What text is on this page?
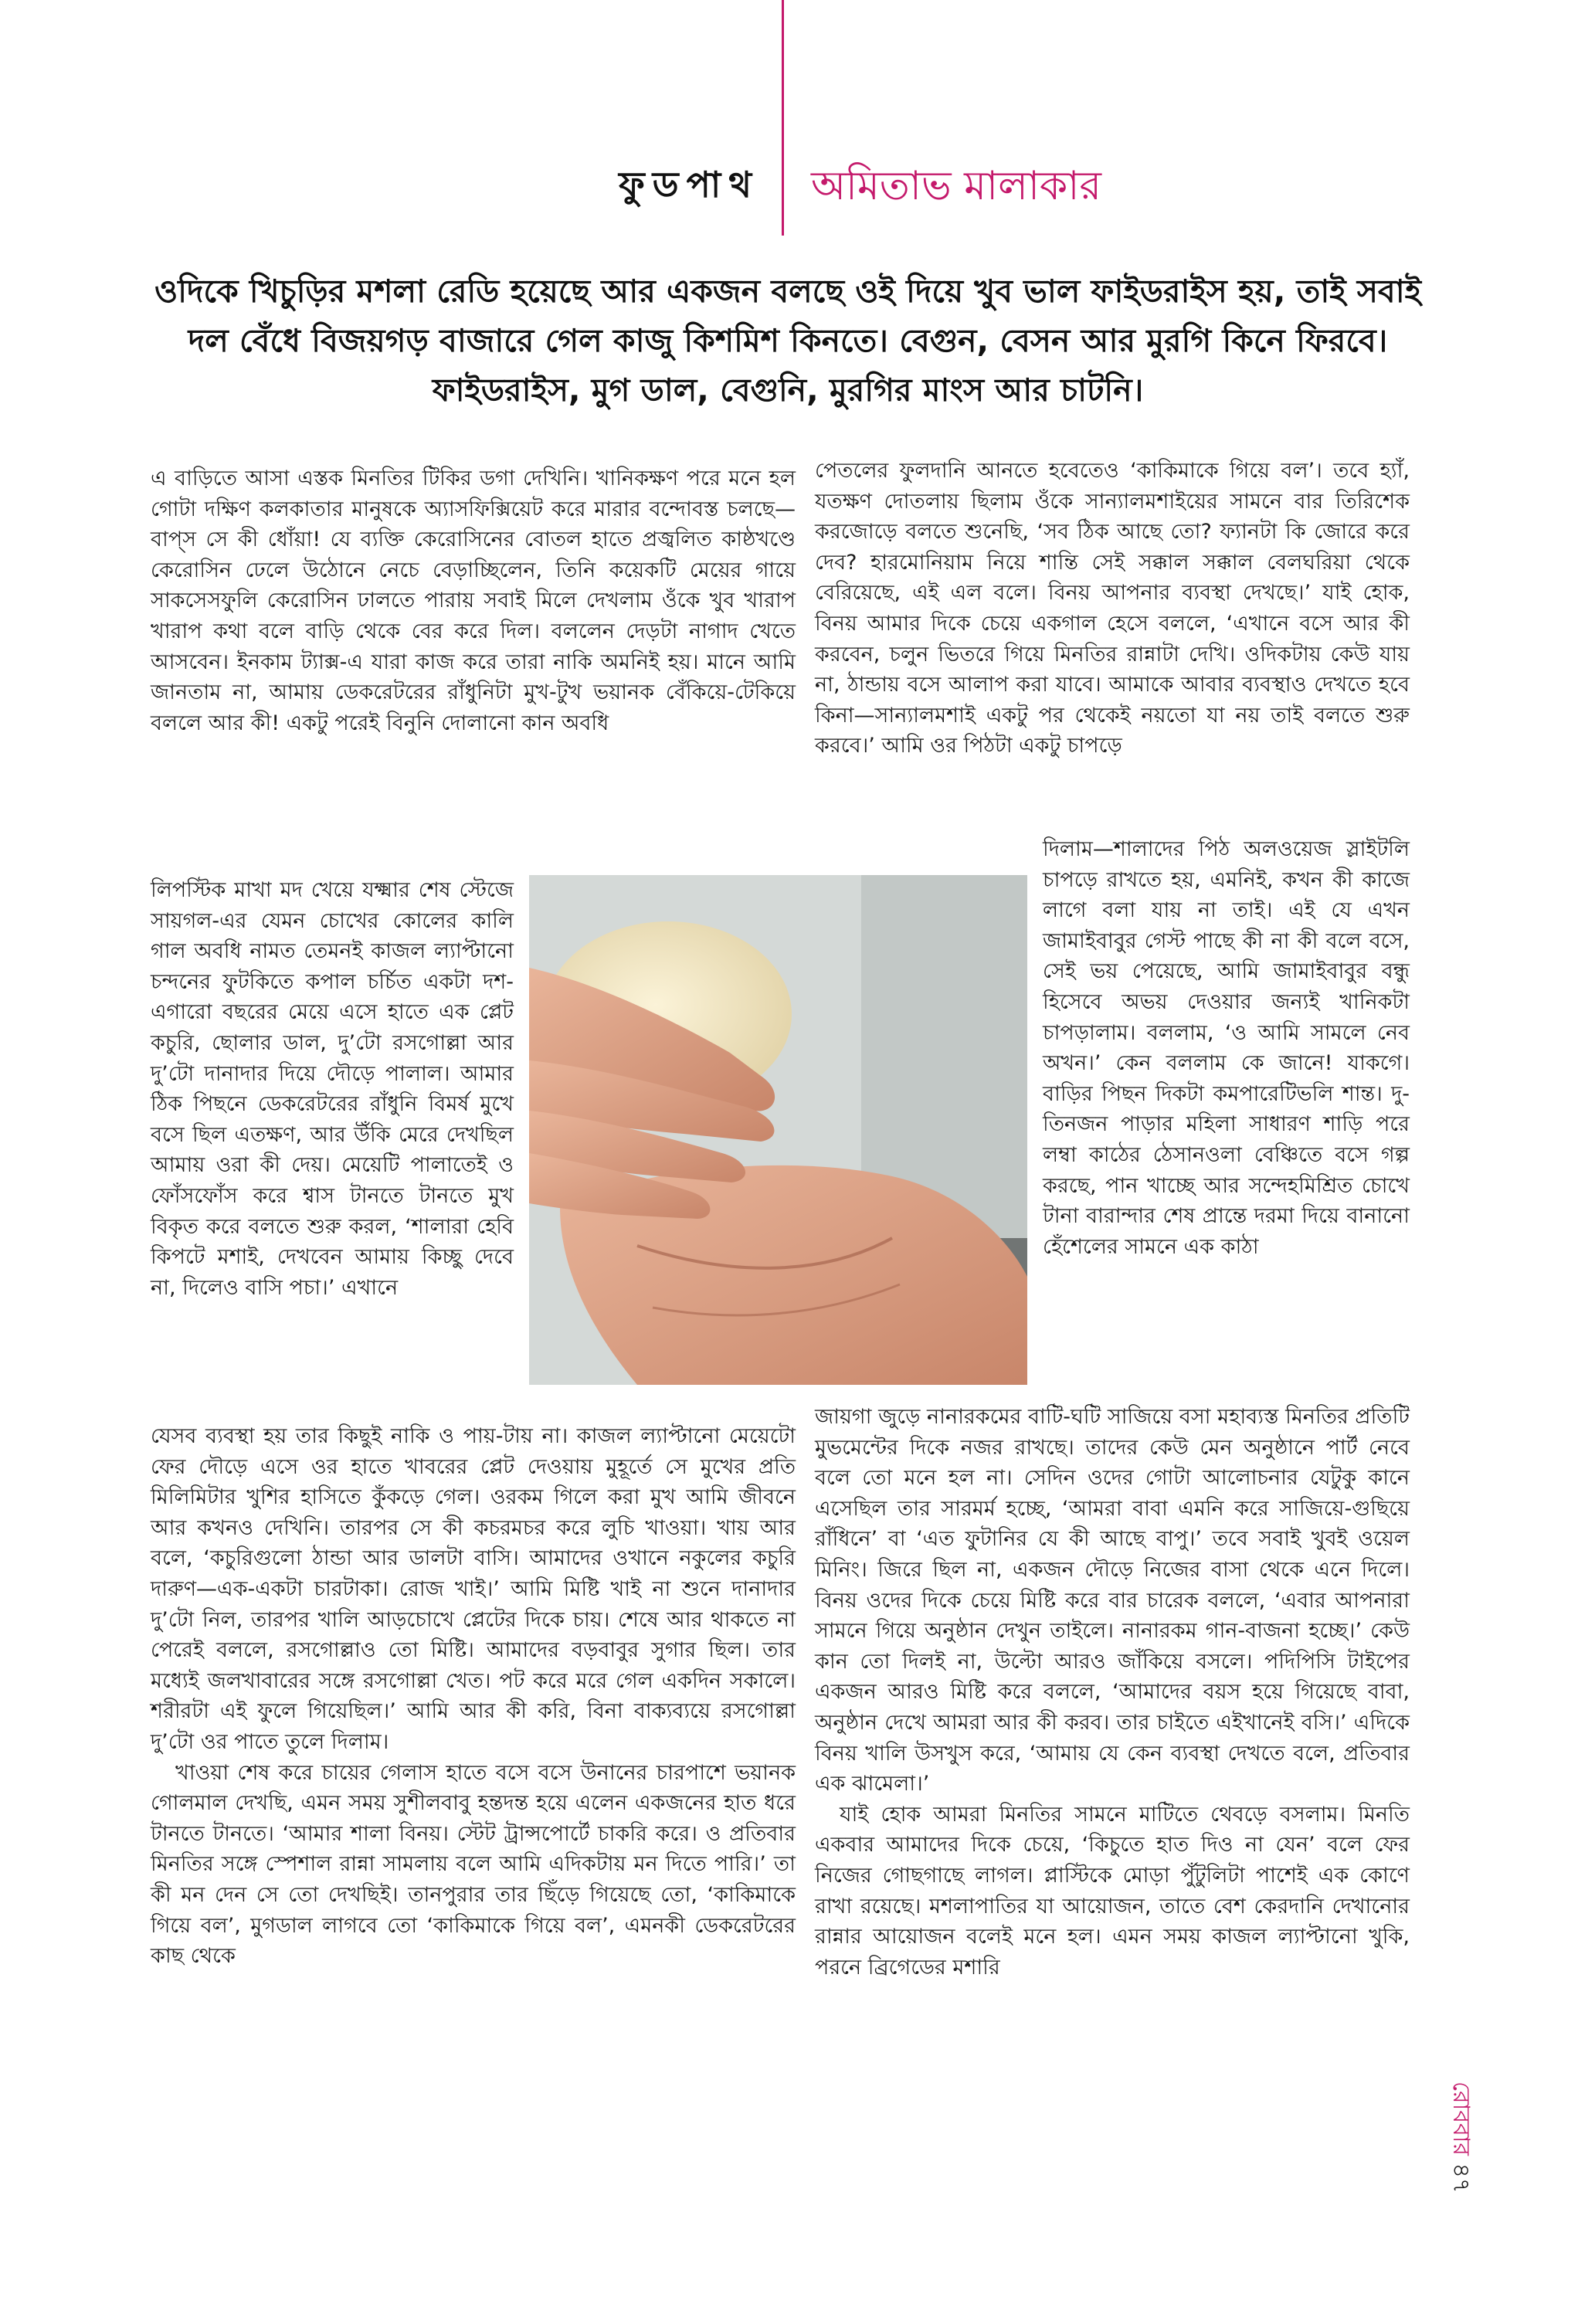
ফুডপাথ অমিতাভ মালাকার
ওদিকে খিচুড়ির মশলা রেডি হয়েছে আর একজন বলছে ওই দিয়ে খুব ভাল ফাইডরাইস হয়, তাই সবাই দল বেঁধে বিজয়গড় বাজারে গেল কাজু কিশমিশ কিনতে। বেগুন, বেসন আর মুরগি কিনে ফিরবে। ফাইডরাইস, মুগ ডাল, বেগুনি, মুরগির মাংস আর চাটনি।

এ বাড়িতে আসা এস্তক মিনতির টিকির ডগা দেখিনি। খানিকক্ষণ পরে মনে হল গোটা দক্ষিণ কলকাতার মানুষকে অ্যাসফিক্সিয়েট করে মারার বন্দোবস্ত চলছে—বাপ্‌স সে কী ধোঁয়া! যে ব্যক্তি কেরোসিনের বোতল হাতে প্রজ্বলিত কাষ্ঠখণ্ডে কেরোসিন ঢেলে উঠোনে নেচে বেড়াচ্ছিলেন, তিনি কয়েকটি মেয়ের গায়ে সাকসেসফুলি কেরোসিন ঢালতে পারায় সবাই মিলে দেখলাম ওঁকে খুব খারাপ খারাপ কথা বলে বাড়ি থেকে বের করে দিল। বললেন দেড়টা নাগাদ খেতে আসবেন। ইনকাম ট্যাক্স-এ যারা কাজ করে তারা নাকি অমনিই হয়। মানে আমি জানতাম না, আমায় ডেকরেটরের রাঁধুনিটা মুখ-টুখ ভয়ানক বেঁকিয়ে-টেকিয়ে বললে আর কী! একটু পরেই বিনুনি দোলানো কান অবধি

লিপস্টিক মাখা মদ খেয়ে যক্ষ্মার শেষ স্টেজে সায়গল-এর যেমন চোখের কোলের কালি গাল অবধি নামত তেমনই কাজল ল্যাপ্টানো চন্দনের ফুটকিতে কপাল চর্চিত একটা দশ-এগারো বছরের মেয়ে এসে হাতে এক প্লেট কচুরি, ছোলার ডাল, দু’টো রসগোল্লা আর দু’টো দানাদার দিয়ে দৌড়ে পালাল। আমার ঠিক পিছনে ডেকরেটরের রাঁধুনি বিমর্ষ মুখে বসে ছিল এতক্ষণ, আর উঁকি মেরে দেখছিল আমায় ওরা কী দেয়। মেয়েটি পালাতেই ও ফোঁসফোঁস করে শ্বাস টানতে টানতে মুখ বিকৃত করে বলতে শুরু করল, ‘শালারা হেবি কিপটে মশাই, দেখবেন আমায় কিচ্ছু দেবে না, দিলেও বাসি পচা।’ এখানে

যেসব ব্যবস্থা হয় তার কিছুই নাকি ও পায়-টায় না। কাজল ল্যাপ্টানো মেয়েটো ফের দৌড়ে এসে ওর হাতে খাবরের প্লেট দেওয়ায় মুহূর্তে সে মুখের প্রতি মিলিমিটার খুশির হাসিতে কুঁকড়ে গেল। ওরকম গিলে করা মুখ আমি জীবনে আর কখনও দেখিনি। তারপর সে কী কচরমচর করে লুচি খাওয়া। খায় আর বলে, ‘কচুরিগুলো ঠান্ডা আর ডালটা বাসি। আমাদের ওখানে নকুলের কচুরি দারুণ—এক-একটা চারটাকা। রোজ খাই।’ আমি মিষ্টি খাই না শুনে দানাদার দু’টো নিল, তারপর খালি আড়চোখে প্লেটের দিকে চায়। শেষে আর থাকতে না পেরেই বললে, রসগোল্লাও তো মিষ্টি। আমাদের বড়বাবুর সুগার ছিল। তার মধ্যেই জলখাবারের সঙ্গে রসগোল্লা খেত। পট করে মরে গেল একদিন সকালে। শরীরটা এই ফুলে গিয়েছিল।’ আমি আর কী করি, বিনা বাক্যব্যয়ে রসগোল্লা দু’টো ওর পাতে তুলে দিলাম।

খাওয়া শেষ করে চায়ের গেলাস হাতে বসে বসে উনানের চারপাশে ভয়ানক গোলমাল দেখছি, এমন সময় সুশীলবাবু হন্তদন্ত হয়ে এলেন একজনের হাত ধরে টানতে টানতে। ‘আমার শালা বিনয়। স্টেট ট্রান্সপোর্টে চাকরি করে। ও প্রতিবার মিনতির সঙ্গে স্পেশাল রান্না সামলায় বলে আমি এদিকটায় মন দিতে পারি।’ তা কী মন দেন সে তো দেখছিই। তানপুরার তার ছিঁড়ে গিয়েছে তো, ‘কাকিমাকে গিয়ে বল’, মুগডাল লাগবে তো ‘কাকিমাকে গিয়ে বল’, এমনকী ডেকরেটরের কাছ থেকে

পেতলের ফুলদানি আনতে হবেতেও ‘কাকিমাকে গিয়ে বল’। তবে হ্যাঁ, যতক্ষণ দোতলায় ছিলাম ওঁকে সান্যালমশাইয়ের সামনে বার তিরিশেক করজোড়ে বলতে শুনেছি, ‘সব ঠিক আছে তো? ফ্যানটা কি জোরে করে দেব? হারমোনিয়াম নিয়ে শান্তি সেই সক্কাল সক্কাল বেলঘরিয়া থেকে বেরিয়েছে, এই এল বলে। বিনয় আপনার ব্যবস্থা দেখছে।’ যাই হোক, বিনয় আমার দিকে চেয়ে একগাল হেসে বললে, ‘এখানে বসে আর কী করবেন, চলুন ভিতরে গিয়ে মিনতির রান্নাটা দেখি। ওদিকটায় কেউ যায় না, ঠান্ডায় বসে আলাপ করা যাবে। আমাকে আবার ব্যবস্থাও দেখতে হবে কিনা—সান্যালমশাই একটু পর থেকেই নয়তো যা নয় তাই বলতে শুরু করবে।’ আমি ওর পিঠটা একটু চাপড়ে

দিলাম—শালাদের পিঠ অলওয়েজ স্লাইটলি চাপড়ে রাখতে হয়, এমনিই, কখন কী কাজে লাগে বলা যায় না তাই। এই যে এখন জামাইবাবুর গেস্ট পাছে কী না কী বলে বসে, সেই ভয় পেয়েছে, আমি জামাইবাবুর বন্ধু হিসেবে অভয় দেওয়ার জন্যই খানিকটা চাপড়ালাম। বললাম, ‘ও আমি সামলে নেব অখন।’ কেন বললাম কে জানে! যাকগে। বাড়ির পিছন দিকটা কমপারেটিভলি শান্ত। দু-তিনজন পাড়ার মহিলা সাধারণ শাড়ি পরে লম্বা কাঠের ঠেসানওলা বেঞ্চিতে বসে গল্প করছে, পান খাচ্ছে আর সন্দেহমিশ্রিত চোখে টানা বারান্দার শেষ প্রান্তে দরমা দিয়ে বানানো হেঁশেলের সামনে এক কাঠা

জায়গা জুড়ে নানারকমের বাটি-ঘটি সাজিয়ে বসা মহাব্যস্ত মিনতির প্রতিটি মুভমেন্টের দিকে নজর রাখছে। তাদের কেউ মেন অনুষ্ঠানে পার্ট নেবে বলে তো মনে হল না। সেদিন ওদের গোটা আলোচনার যেটুকু কানে এসেছিল তার সারমর্ম হচ্ছে, ‘আমরা বাবা এমনি করে সাজিয়ে-গুছিয়ে রাঁধিনে’ বা ‘এত ফুটানির যে কী আছে বাপু।’ তবে সবাই খুবই ওয়েল মিনিং। জিরে ছিল না, একজন দৌড়ে নিজের বাসা থেকে এনে দিলে। বিনয় ওদের দিকে চেয়ে মিষ্টি করে বার চারেক বললে, ‘এবার আপনারা সামনে গিয়ে অনুষ্ঠান দেখুন তাইলে। নানারকম গান-বাজনা হচ্ছে।’ কেউ কান তো দিলই না, উল্টো আরও জাঁকিয়ে বসলে। পদিপিসি টাইপের একজন আরও মিষ্টি করে বললে, ‘আমাদের বয়স হয়ে গিয়েছে বাবা, অনুষ্ঠান দেখে আমরা আর কী করব। তার চাইতে এইখানেই বসি।’ এদিকে বিনয় খালি উসখুস করে, ‘আমায় যে কেন ব্যবস্থা দেখতে বলে, প্রতিবার এক ঝামেলা।’

যাই হোক আমরা মিনতির সামনে মাটিতে থেবড়ে বসলাম। মিনতি একবার আমাদের দিকে চেয়ে, ‘কিচুতে হাত দিও না যেন’ বলে ফের নিজের গোছগাছে লাগল। প্লাস্টিকে মোড়া পুঁটুলিটা পাশেই এক কোণে রাখা রয়েছে। মশলাপাতির যা আয়োজন, তাতে বেশ কেরদানি দেখানোর রান্নার আয়োজন বলেই মনে হল। এমন সময় কাজল ল্যাপ্টানো খুকি, পরনে ব্রিগেডের মশারি

রোববার ৪৭
